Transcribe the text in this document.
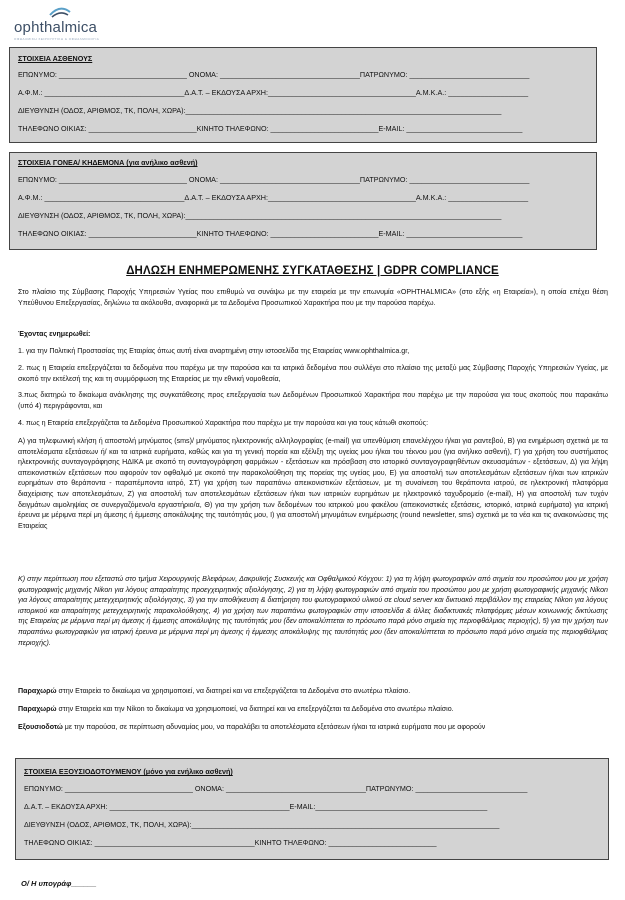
ophthalmica
ΟΦΘΑΛΜΙΚΗ ΧΕΙΡΟΥΡΓΙΚΗ & ΟΦΘΑΛΜΟΛΟΓΙΑ
ΣΤΟΙΧΕΙΑ ΑΣΘΕΝΟΥΣ
ΕΠΩΝΥΜΟ: ________________________________ ΟΝΟΜΑ: ___________________________________ΠΑΤΡΩΝΥΜΟ: ______________________________
Α.Φ.Μ.: ___________________________________Δ.Α.Τ. – ΕΚΔΟΥΣΑ ΑΡΧΗ:_____________________________________Α.Μ.Κ.Α.: ____________________
ΔΙΕΥΘΥΝΣΗ (ΟΔΟΣ, ΑΡΙΘΜΟΣ, ΤΚ, ΠΟΛΗ, ΧΩΡΑ):_______________________________________________________________________________
ΤΗΛΕΦΩΝΟ ΟΙΚΙΑΣ: ___________________________ΚΙΝΗΤΟ ΤΗΛΕΦΩΝΟ: ___________________________E-MAIL: _____________________________
ΣΤΟΙΧΕΙΑ ΓΟΝΕΑ/ ΚΗΔΕΜΟΝΑ (για ανήλικο ασθενή)
ΕΠΩΝΥΜΟ: ________________________________ ΟΝΟΜΑ: ___________________________________ΠΑΤΡΩΝΥΜΟ: ______________________________
Α.Φ.Μ.: ___________________________________Δ.Α.Τ. – ΕΚΔΟΥΣΑ ΑΡΧΗ:_____________________________________Α.Μ.Κ.Α.: ____________________
ΔΙΕΥΘΥΝΣΗ (ΟΔΟΣ, ΑΡΙΘΜΟΣ, ΤΚ, ΠΟΛΗ, ΧΩΡΑ):_______________________________________________________________________________
ΤΗΛΕΦΩΝΟ ΟΙΚΙΑΣ: ___________________________ΚΙΝΗΤΟ ΤΗΛΕΦΩΝΟ: ___________________________E-MAIL: _____________________________
ΔΗΛΩΣΗ ΕΝΗΜΕΡΩΜΕΝΗΣ ΣΥΓΚΑΤΑΘΕΣΗΣ | GDPR COMPLIANCE
Στο πλαίσιο της Σύμβασης Παροχής Υπηρεσιών Υγείας που επιθυμώ να συνάψω με την εταιρεία με την επωνυμία «OPHTHALMICA» (στο εξής «η Εταιρεία»), η οποία επέχει θέση Υπεύθυνου Επεξεργασίας, δηλώνω τα ακόλουθα, αναφορικά με τα Δεδομένα Προσωπικού Χαρακτήρα που με την παρούσα παρέχω.
Έχοντας ενημερωθεί:
1. για την Πολιτική Προστασίας της Εταιρίας όπως αυτή είναι αναρτημένη στην ιστοσελίδα της Εταιρείας www.ophthalmica.gr,
2. πως η Εταιρεία επεξεργάζεται τα δεδομένα που παρέχω με την παρούσα και τα ιατρικά δεδομένα που συλλέγει στο πλαίσιο της μεταξύ μας Σύμβασης Παροχής Υπηρεσιών Υγείας, με σκοπό την εκτέλεσή της και τη συμμόρφωση της Εταιρείας με την εθνική νομοθεσία,
3.πως διατηρώ το δικαίωμα ανάκλησης της συγκατάθεσης προς επεξεργασία των Δεδομένων Προσωπικού Χαρακτήρα που παρέχω με την παρούσα για τους σκοπούς που παρακάτω (υπό 4) περιγράφονται, και
4. πως η Εταιρεία επεξεργάζεται τα Δεδομένα Προσωπικού Χαρακτήρα που παρέχω με την παρούσα και για τους κάτωθι σκοπούς:
Α) για τηλεφωνική κλήση ή αποστολή μηνύματος (sms)/ μηνύματος ηλεκτρονικής αλληλογραφίας (e-mail) για υπενθύμιση επανελέγχου ή/και για ραντεβού, Β) για ενημέρωση σχετικά με τα αποτελέσματα εξετάσεων ή/ και τα ιατρικά ευρήματα, καθώς και για τη γενική πορεία και εξέλιξη της υγείας μου ή/και του τέκνου μου (για ανήλικο ασθενή), Γ) για χρήση του συστήματος ηλεκτρονικής συνταγογράφησης ΗΔΙΚΑ με σκοπό τη συνταγογράφηση φαρμάκων - εξετάσεων και πρόσβαση στο ιστορικό συνταγογραφηθέντων σκευασμάτων - εξετάσεων, Δ) για λήψη απεικονιστικών εξετάσεων που αφορούν τον οφθαλμό με σκοπό την παρακολούθηση της πορείας της υγείας μου, Ε) για αποστολή των αποτελεσμάτων εξετάσεων ή/και των ιατρικών ευρημάτων στο θεράποντα - παραπέμποντα ιατρό, ΣΤ) για χρήση των παραπάνω απεικονιστικών εξετάσεων, με τη συναίνεση του θεράποντα ιατρού, σε ηλεκτρονική πλατφόρμα διαχείρισης των αποτελεσμάτων, Ζ) για αποστολή των αποτελεσμάτων εξετάσεων ή/και των ιατρικών ευρημάτων με ηλεκτρονικό ταχυδρομείο (e-mail), Η) για αποστολή των τυχόν δειγμάτων αιμοληψίας σε συνεργαζόμενο/α εργαστήριο/α, Θ) για την χρήση των δεδομένων του ιατρικού μου φακέλου (απεικονιστικές εξετάσεις, ιστορικό, ιατρικά ευρήματα) για ιατρική έρευνα με μέριμνα περί μη άμεσης ή έμμεσης αποκάλυψης της ταυτότητάς μου, Ι) για αποστολή μηνυμάτων ενημέρωσης (round newsletter, sms) σχετικά με τα νέα και τις ανακοινώσεις της Εταιρείας
Κ) στην περίπτωση που εξεταστώ στο τμήμα Χειρουργικής Βλεφάρων, Δακρυϊκής Συσκευής και Οφθαλμικού Κόγχου: 1) για τη λήψη φωτογραφιών από σημεία του προσώπου μου με χρήση φωτογραφικής μηχανής Nikon για λόγους απαραίτητης προεγχειρητικής αξιολόγησης, 2) για τη λήψη φωτογραφιών από σημεία του προσώπου μου με χρήση φωτογραφικής μηχανής Nikon για λόγους απαραίτητης μετεγχειρητικής αξιολόγησης, 3) για την αποθήκευση & διατήρηση του φωτογραφικού υλικού σε cloud server και δικτυακό περιβάλλον της εταιρείας Nikon για λόγους ιστορικού και απαραίτητης μετεγχειρητικής παρακολούθησης, 4) για χρήση των παραπάνω φωτογραφιών στην ιστοσελίδα & άλλες διαδικτυακές πλατφόρμες μέσων κοινωνικής δικτύωσης της Εταιρείας με μέριμνα περί μη άμεσης ή έμμεσης αποκάλυψης της ταυτότητάς μου (δεν αποκαλύπτεται το πρόσωπο παρά μόνο σημεία της περιοφθάλμιας περιοχής), 5) για την χρήση των παραπάνω φωτογραφιών για ιατρική έρευνα με μέριμνα περί μη άμεσης ή έμμεσης αποκάλυψης της ταυτότητάς μου (δεν αποκαλύπτεται το πρόσωπο παρά μόνο σημεία της περιοφθάλμιας περιοχής).
Παραχωρώ στην Εταιρεία το δικαίωμα να χρησιμοποιεί, να διατηρεί και να επεξεργάζεται τα Δεδομένα στο ανωτέρω πλαίσιο.
Παραχωρώ στην Εταιρεία και την Nikon το δικαίωμα να χρησιμοποιεί, να διατηρεί και να επεξεργάζεται τα Δεδομένα στο ανωτέρω πλαίσιο.
Εξουσιοδοτώ με την παρούσα, σε περίπτωση αδυναμίας μου, να παραλάβει τα αποτελέσματα εξετάσεων ή/και τα ιατρικά ευρήματα που με αφορούν
ΣΤΟΙΧΕΙΑ ΕΞΟΥΣΙΟΔΟΤΟΥΜΕΝΟΥ (μόνο για ενήλικο ασθενή)
ΕΠΩΝΥΜΟ: ________________________________ ΟΝΟΜΑ: ___________________________________ΠΑΤΡΩΝΥΜΟ: ____________________________
Δ.Α.Τ. – ΕΚΔΟΥΣΑ ΑΡΧΗ: _____________________________________________E-MAIL:___________________________________________
ΔΙΕΥΘΥΝΣΗ (ΟΔΟΣ, ΑΡΙΘΜΟΣ, ΤΚ, ΠΟΛΗ, ΧΩΡΑ):_____________________________________________________________________________
ΤΗΛΕΦΩΝΟ ΟΙΚΙΑΣ: ________________________________________ΚΙΝΗΤΟ ΤΗΛΕΦΩΝΟ: ___________________________
Ο/ Η υπογράφ______
